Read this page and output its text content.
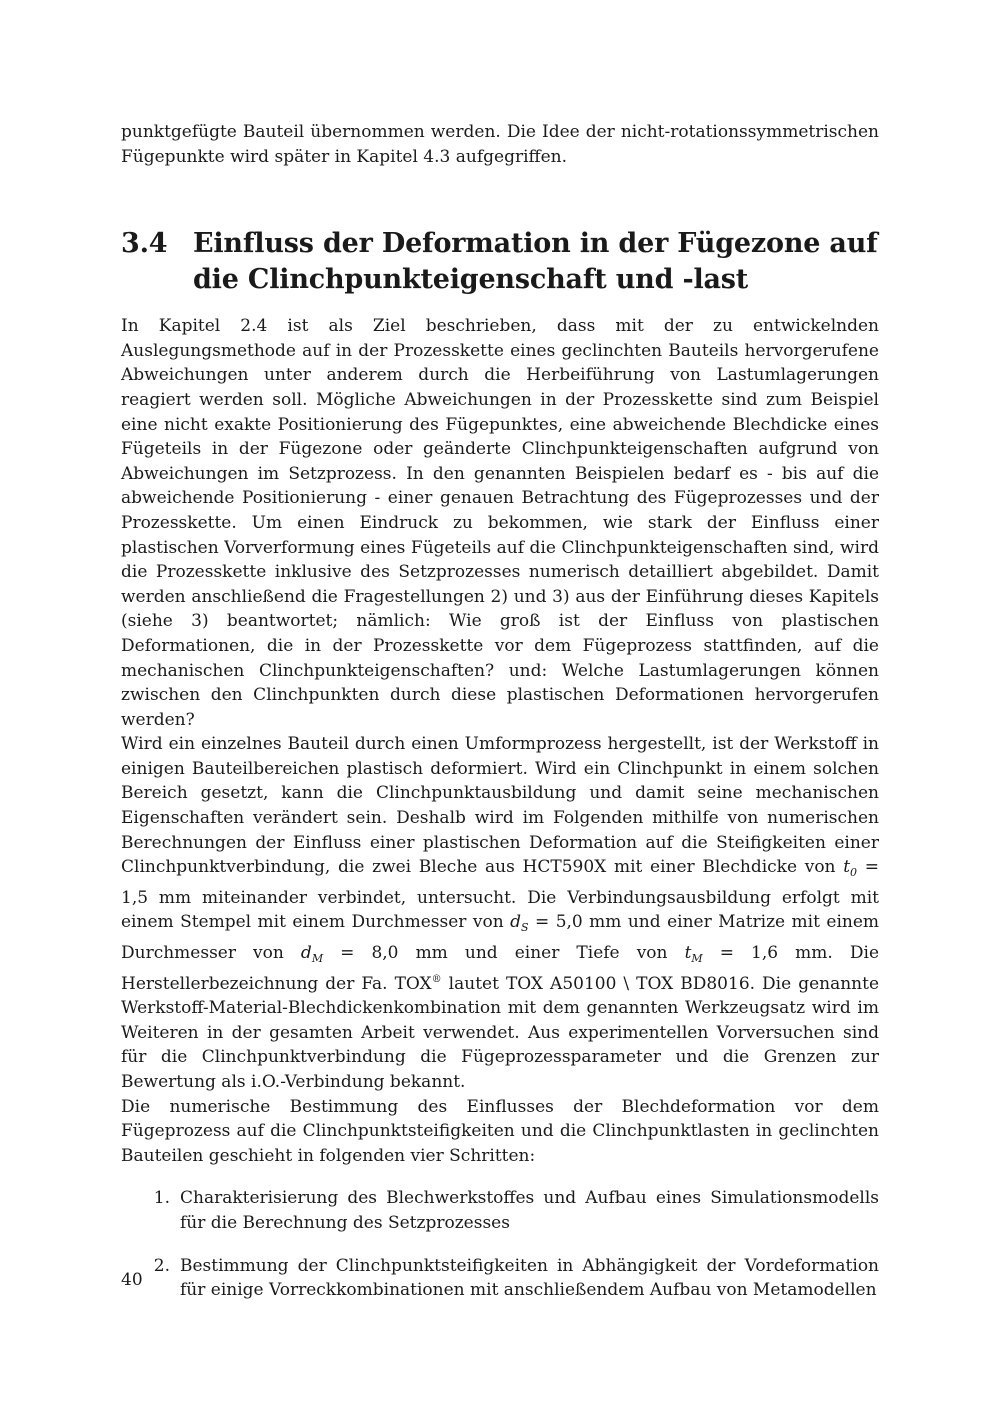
punktgefügte Bauteil übernommen werden. Die Idee der nicht-rotationssymmetrischen Fügepunkte wird später in Kapitel 4.3 aufgegriffen.

3.4 Einfluss der Deformation in der Fügezone auf die Clinchpunkteigenschaft und -last

In Kapitel 2.4 ist als Ziel beschrieben, dass mit der zu entwickelnden Auslegungsmethode auf in der Prozesskette eines geclinchten Bauteils hervorgerufene Abweichungen unter anderem durch die Herbeiführung von Lastumlagerungen reagiert werden soll. Mögliche Abweichungen in der Prozesskette sind zum Beispiel eine nicht exakte Positionierung des Fügepunktes, eine abweichende Blechdicke eines Fügeteils in der Fügezone oder geänderte Clinchpunkteigenschaften aufgrund von Abweichungen im Setzprozess. In den genannten Beispielen bedarf es - bis auf die abweichende Positionierung - einer genauen Betrachtung des Fügeprozesses und der Prozesskette. Um einen Eindruck zu bekommen, wie stark der Einfluss einer plastischen Vorverformung eines Fügeteils auf die Clinchpunkteigenschaften sind, wird die Prozesskette inklusive des Setzprozesses numerisch detailliert abgebildet. Damit werden anschließend die Fragestellungen 2) und 3) aus der Einführung dieses Kapitels (siehe 3) beantwortet; nämlich: Wie groß ist der Einfluss von plastischen Deformationen, die in der Prozesskette vor dem Fügeprozess stattfinden, auf die mechanischen Clinchpunkteigenschaften? und: Welche Lastumlagerungen können zwischen den Clinchpunkten durch diese plastischen Deformationen hervorgerufen werden?

Wird ein einzelnes Bauteil durch einen Umformprozess hergestellt, ist der Werkstoff in einigen Bauteilbereichen plastisch deformiert. Wird ein Clinchpunkt in einem solchen Bereich gesetzt, kann die Clinchpunktausbildung und damit seine mechanischen Eigenschaften verändert sein. Deshalb wird im Folgenden mithilfe von numerischen Berechnungen der Einfluss einer plastischen Deformation auf die Steifigkeiten einer Clinchpunktverbindung, die zwei Bleche aus HCT590X mit einer Blechdicke von $t_0 = 1,5$ mm miteinander verbindet, untersucht. Die Verbindungsausbildung erfolgt mit einem Stempel mit einem Durchmesser von $d_S = 5,0$ mm und einer Matrize mit einem Durchmesser von $d_M = 8,0$ mm und einer Tiefe von $t_M = 1,6$ mm. Die Herstellerbezeichnung der Fa. TOX® lautet TOX A50100 \ TOX BD8016. Die genannte Werkstoff-Material-Blechdickenkombination mit dem genannten Werkzeugsatz wird im Weiteren in der gesamten Arbeit verwendet. Aus experimentellen Vorversuchen sind für die Clinchpunktverbindung die Fügeprozessparameter und die Grenzen zur Bewertung als i.O.-Verbindung bekannt.

Die numerische Bestimmung des Einflusses der Blechdeformation vor dem Fügeprozess auf die Clinchpunktsteifigkeiten und die Clinchpunktlasten in geclinchten Bauteilen geschieht in folgenden vier Schritten:

1. Charakterisierung des Blechwerkstoffes und Aufbau eines Simulationsmodells für die Berechnung des Setzprozesses
2. Bestimmung der Clinchpunktsteifigkeiten in Abhängigkeit der Vordeformation für einige Vorreckkombinationen mit anschließendem Aufbau von Metamodellen
40
